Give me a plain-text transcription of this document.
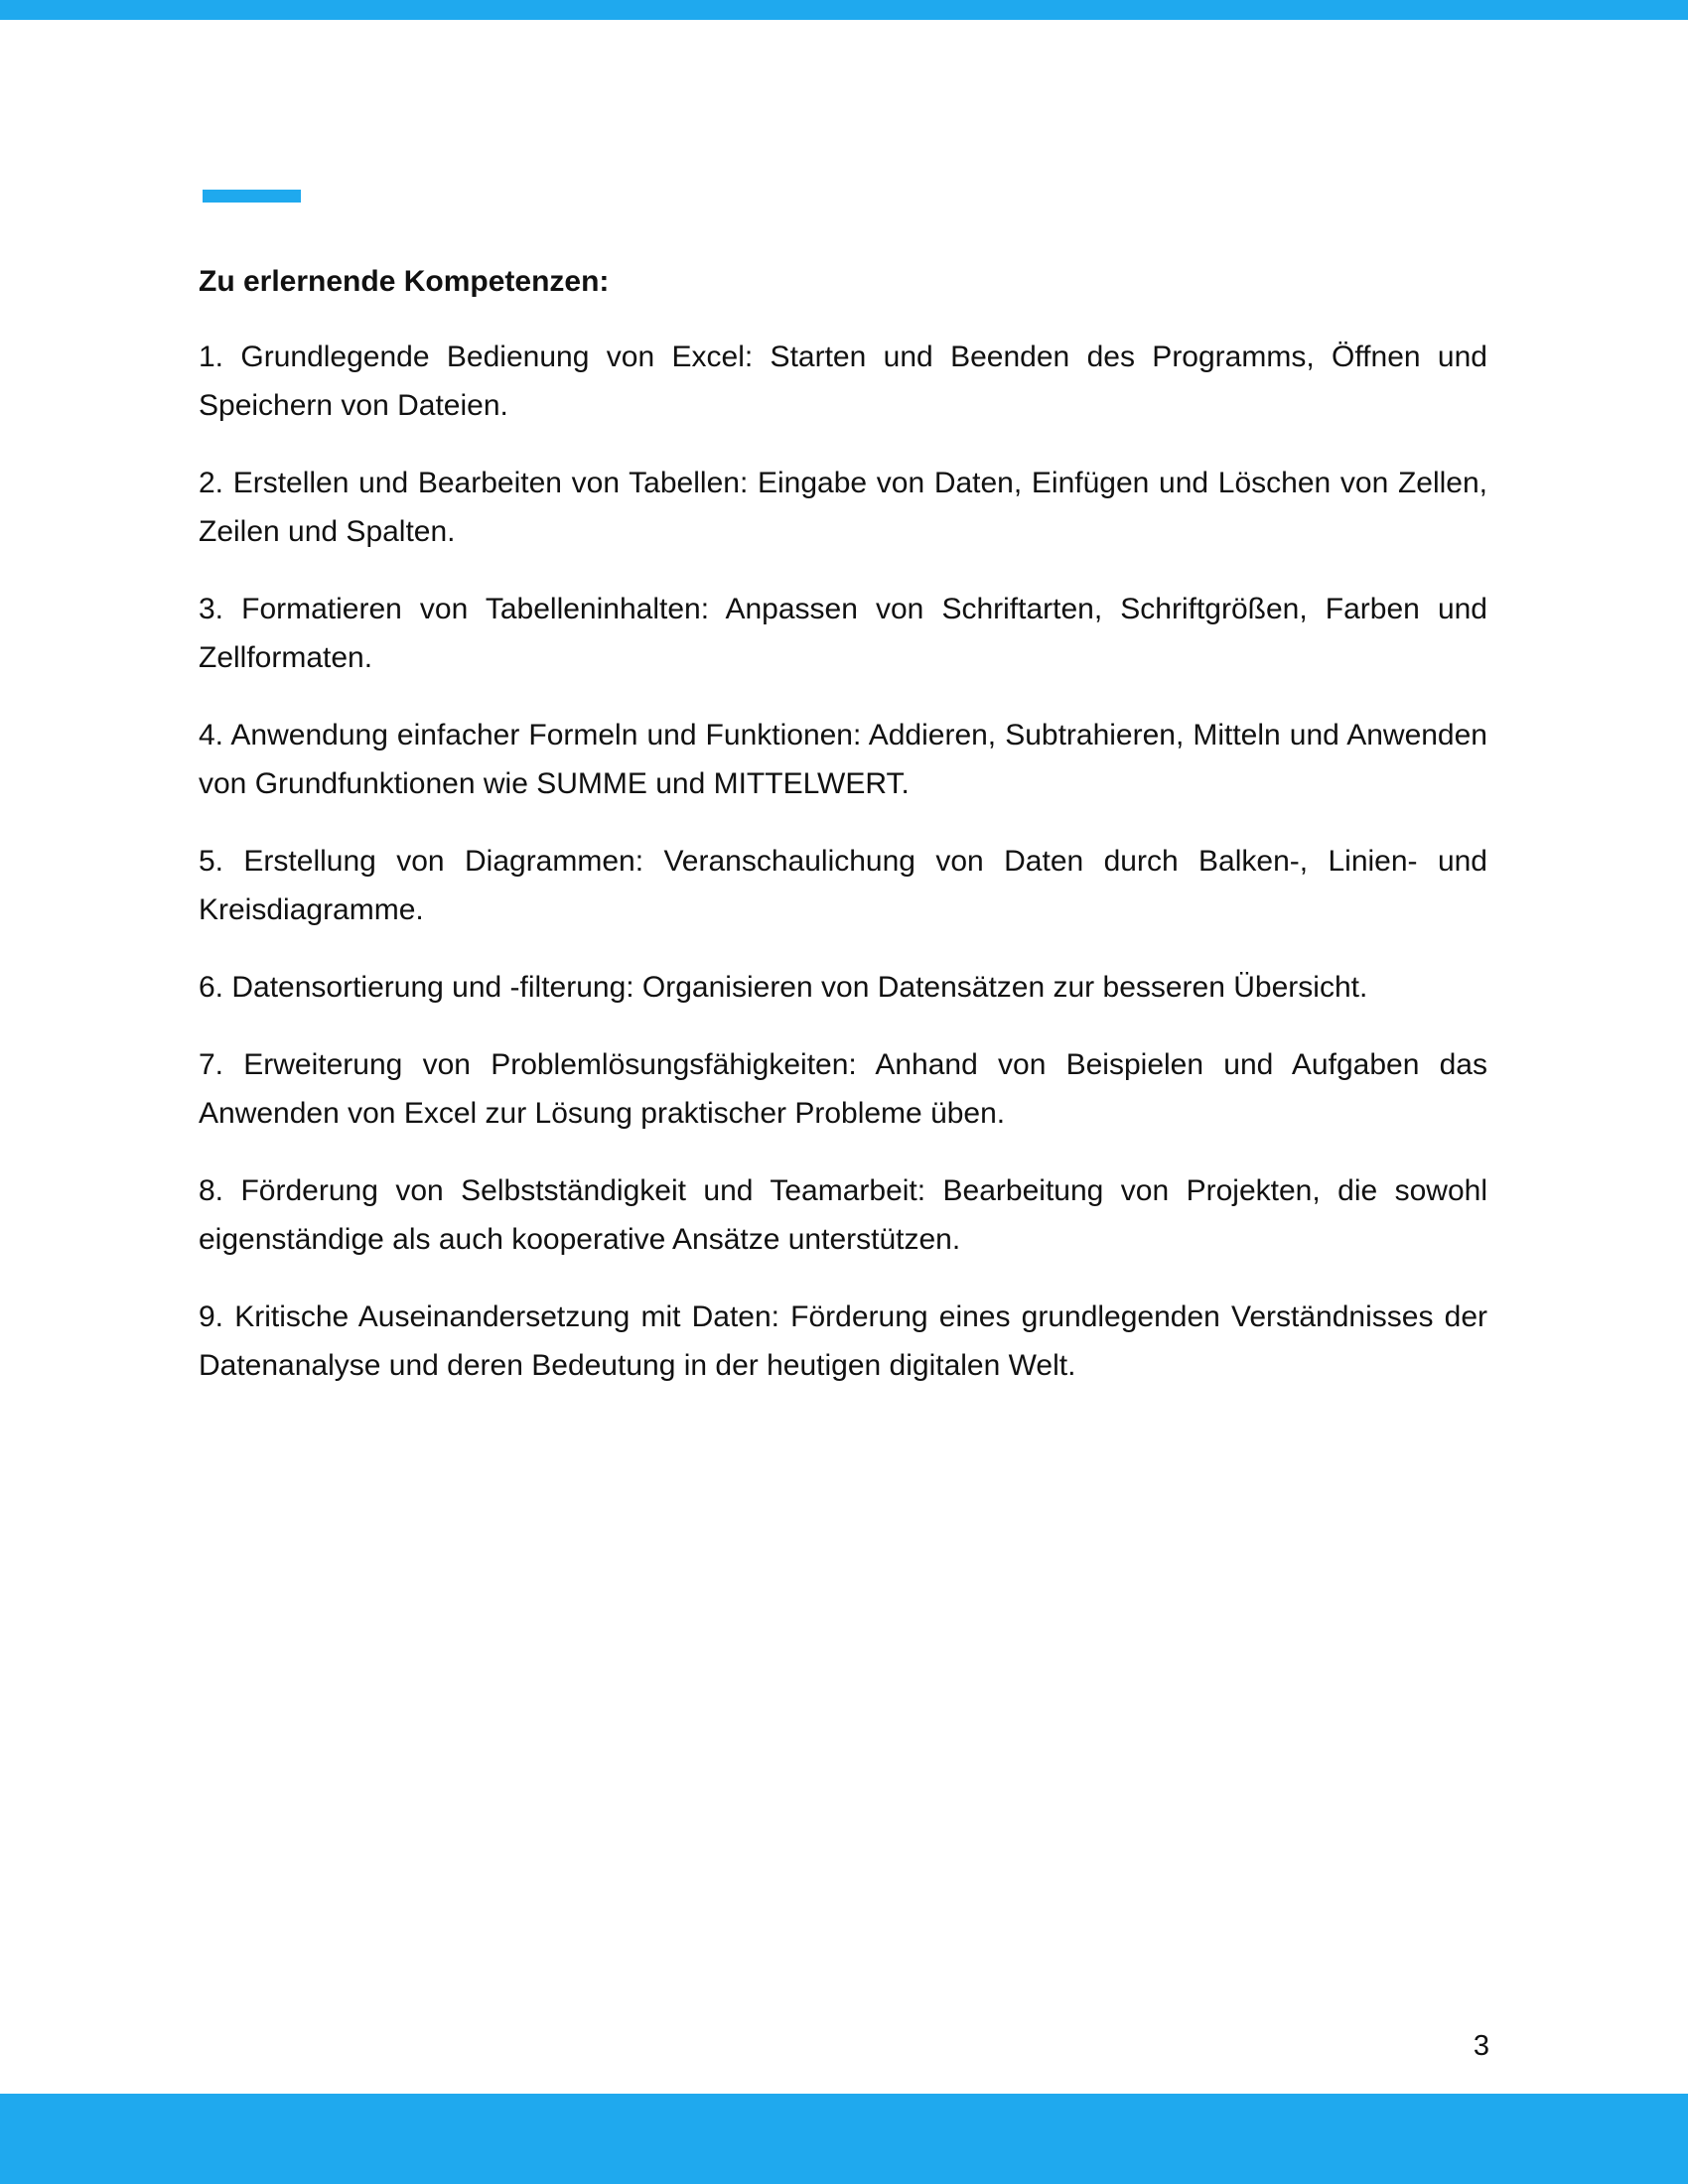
Zu erlernende Kompetenzen:
1. Grundlegende Bedienung von Excel: Starten und Beenden des Programms, Öffnen und Speichern von Dateien.
2. Erstellen und Bearbeiten von Tabellen: Eingabe von Daten, Einfügen und Löschen von Zellen, Zeilen und Spalten.
3. Formatieren von Tabelleninhalten: Anpassen von Schriftarten, Schriftgrößen, Farben und Zellformaten.
4. Anwendung einfacher Formeln und Funktionen: Addieren, Subtrahieren, Mitteln und Anwenden von Grundfunktionen wie SUMME und MITTELWERT.
5. Erstellung von Diagrammen: Veranschaulichung von Daten durch Balken-, Linien- und Kreisdiagramme.
6. Datensortierung und -filterung: Organisieren von Datensätzen zur besseren Übersicht.
7. Erweiterung von Problemlösungsfähigkeiten: Anhand von Beispielen und Aufgaben das Anwenden von Excel zur Lösung praktischer Probleme üben.
8. Förderung von Selbstständigkeit und Teamarbeit: Bearbeitung von Projekten, die sowohl eigenständige als auch kooperative Ansätze unterstützen.
9. Kritische Auseinandersetzung mit Daten: Förderung eines grundlegenden Verständnisses der Datenanalyse und deren Bedeutung in der heutigen digitalen Welt.
3
